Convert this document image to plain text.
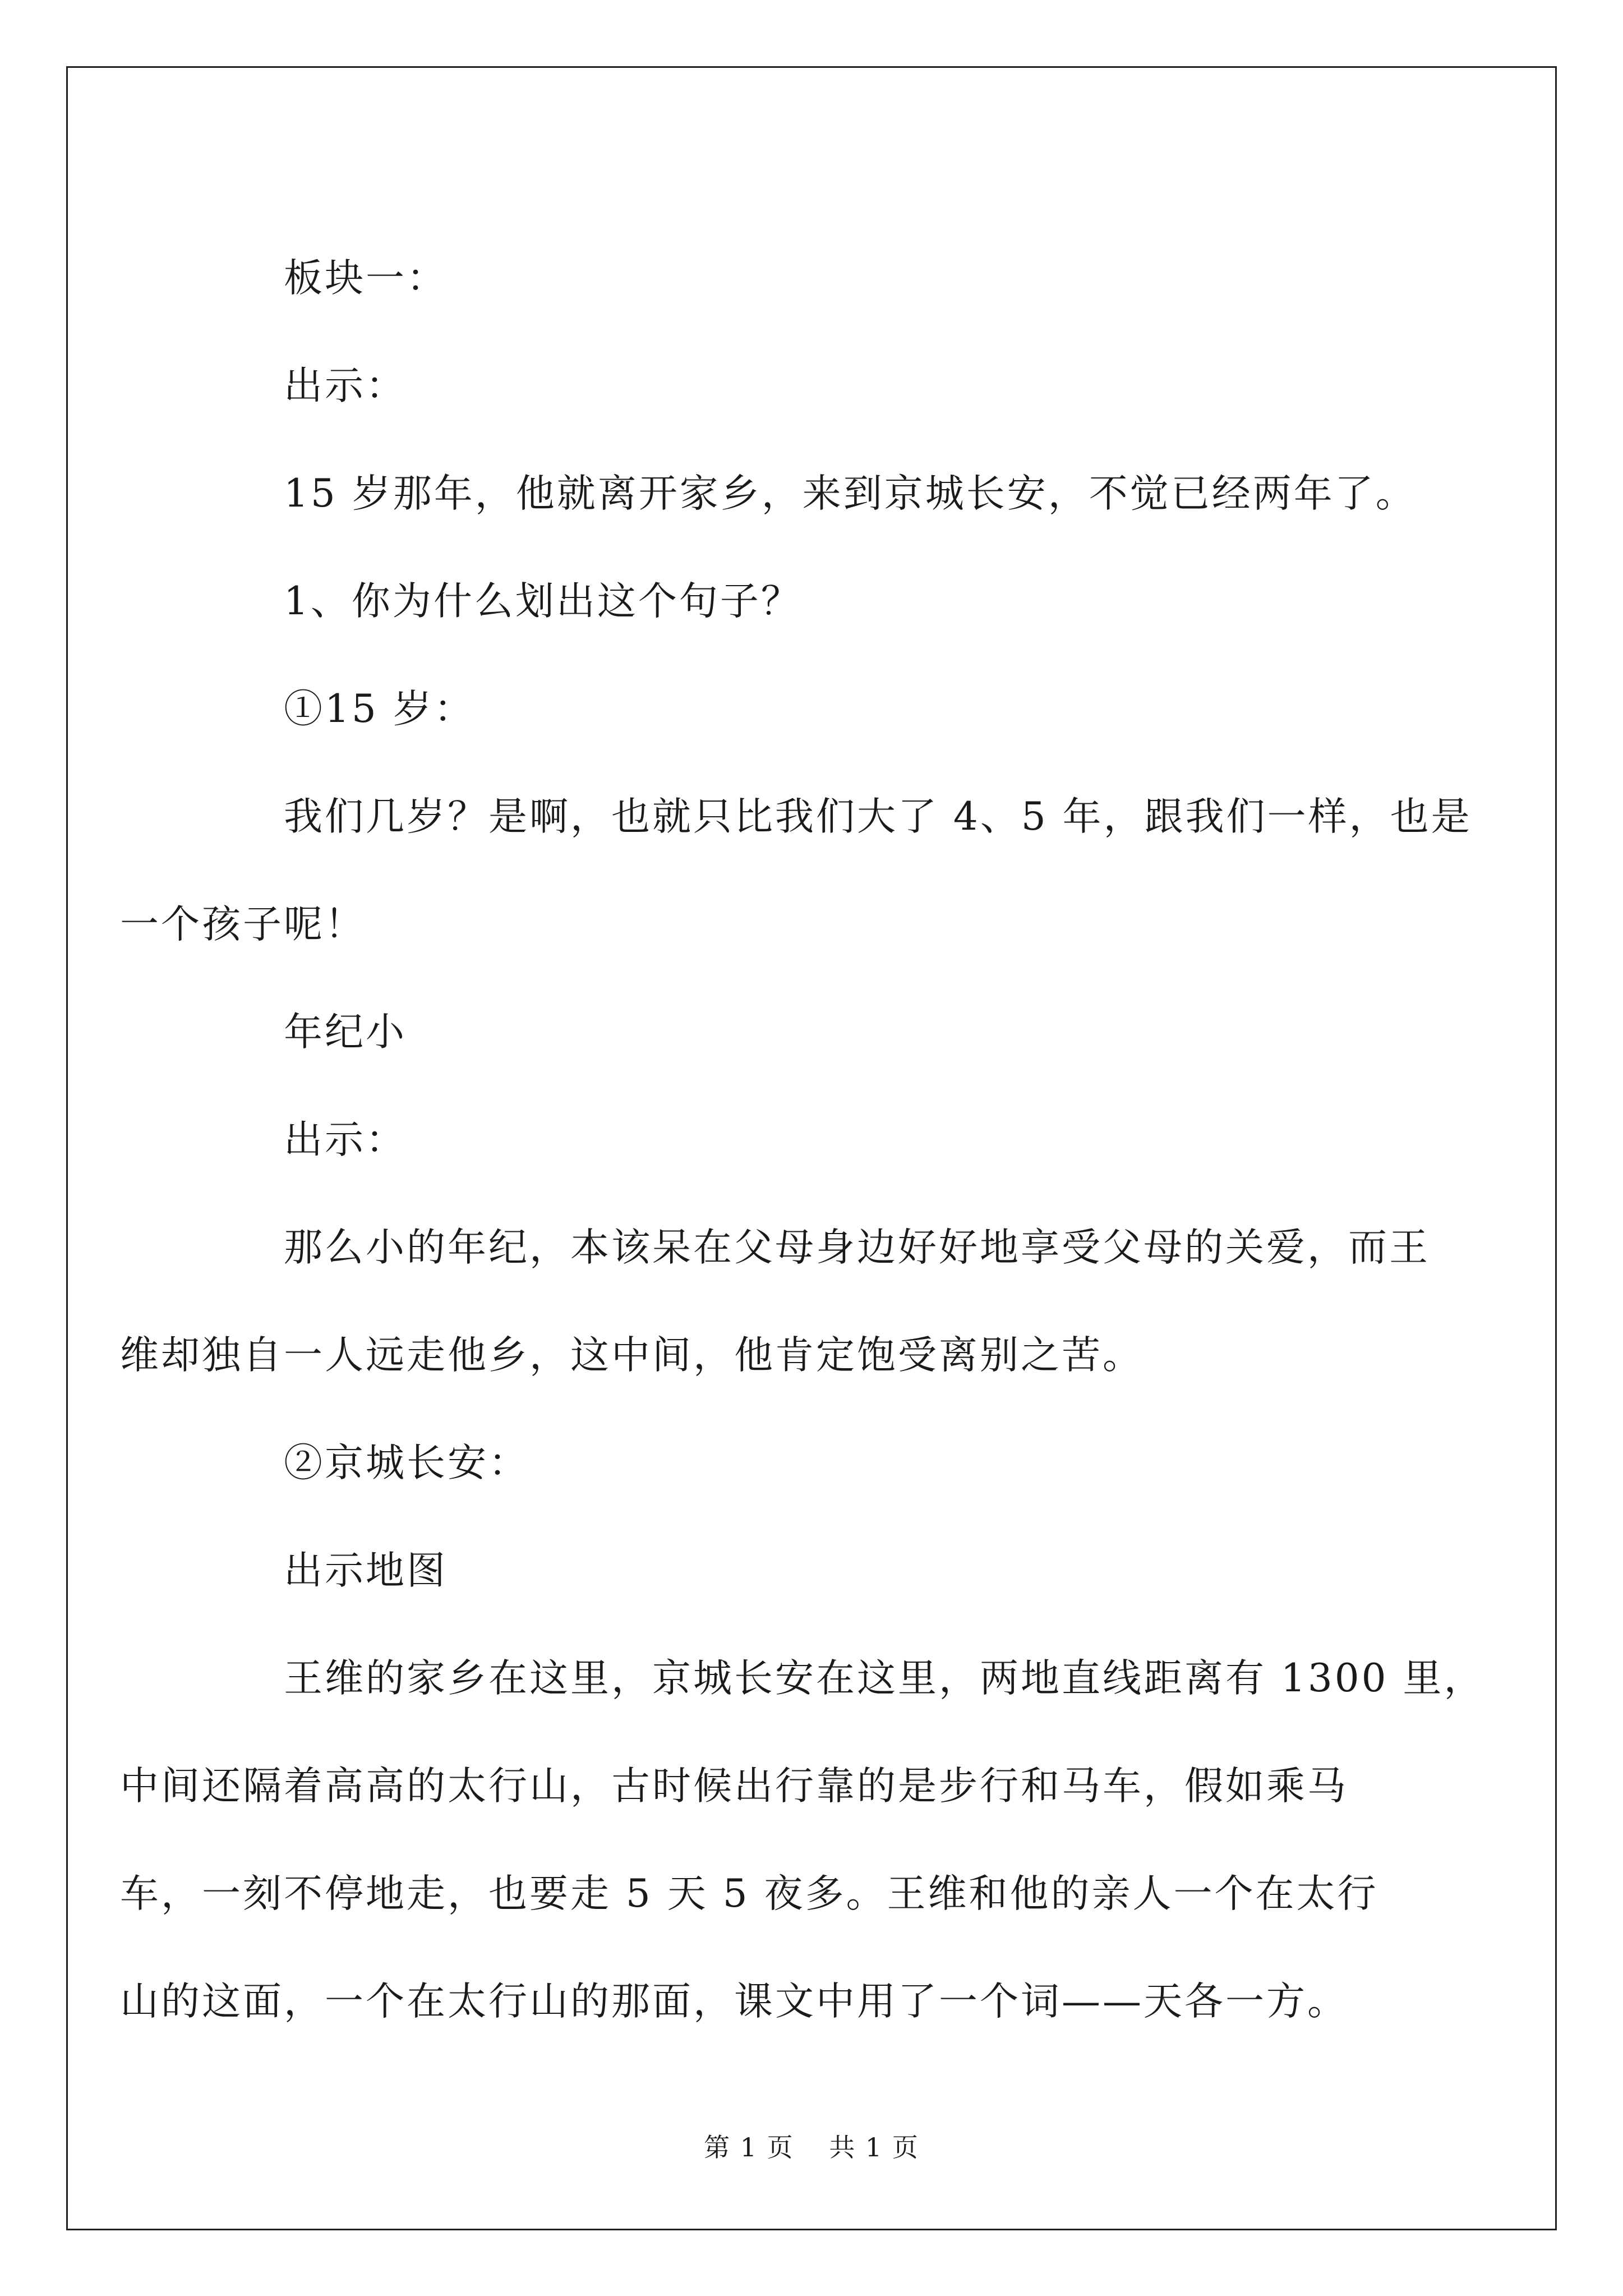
板块一：

出示：

15 岁那年，他就离开家乡，来到京城长安，不觉已经两年了。

1、你为什么划出这个句子？

①15 岁：

我们几岁？是啊，也就只比我们大了 4、5 年，跟我们一样，也是

一个孩子呢！

年纪小

出示：

那么小的年纪，本该呆在父母身边好好地享受父母的关爱，而王

维却独自一人远走他乡，这中间，他肯定饱受离别之苦。

②京城长安：

出示地图

王维的家乡在这里，京城长安在这里，两地直线距离有 1300 里，

中间还隔着高高的太行山，古时候出行靠的是步行和马车，假如乘马

车，一刻不停地走，也要走 5 天 5 夜多。王维和他的亲人一个在太行

山的这面，一个在太行山的那面，课文中用了一个词——天各一方。

第 1 页 共 1 页
